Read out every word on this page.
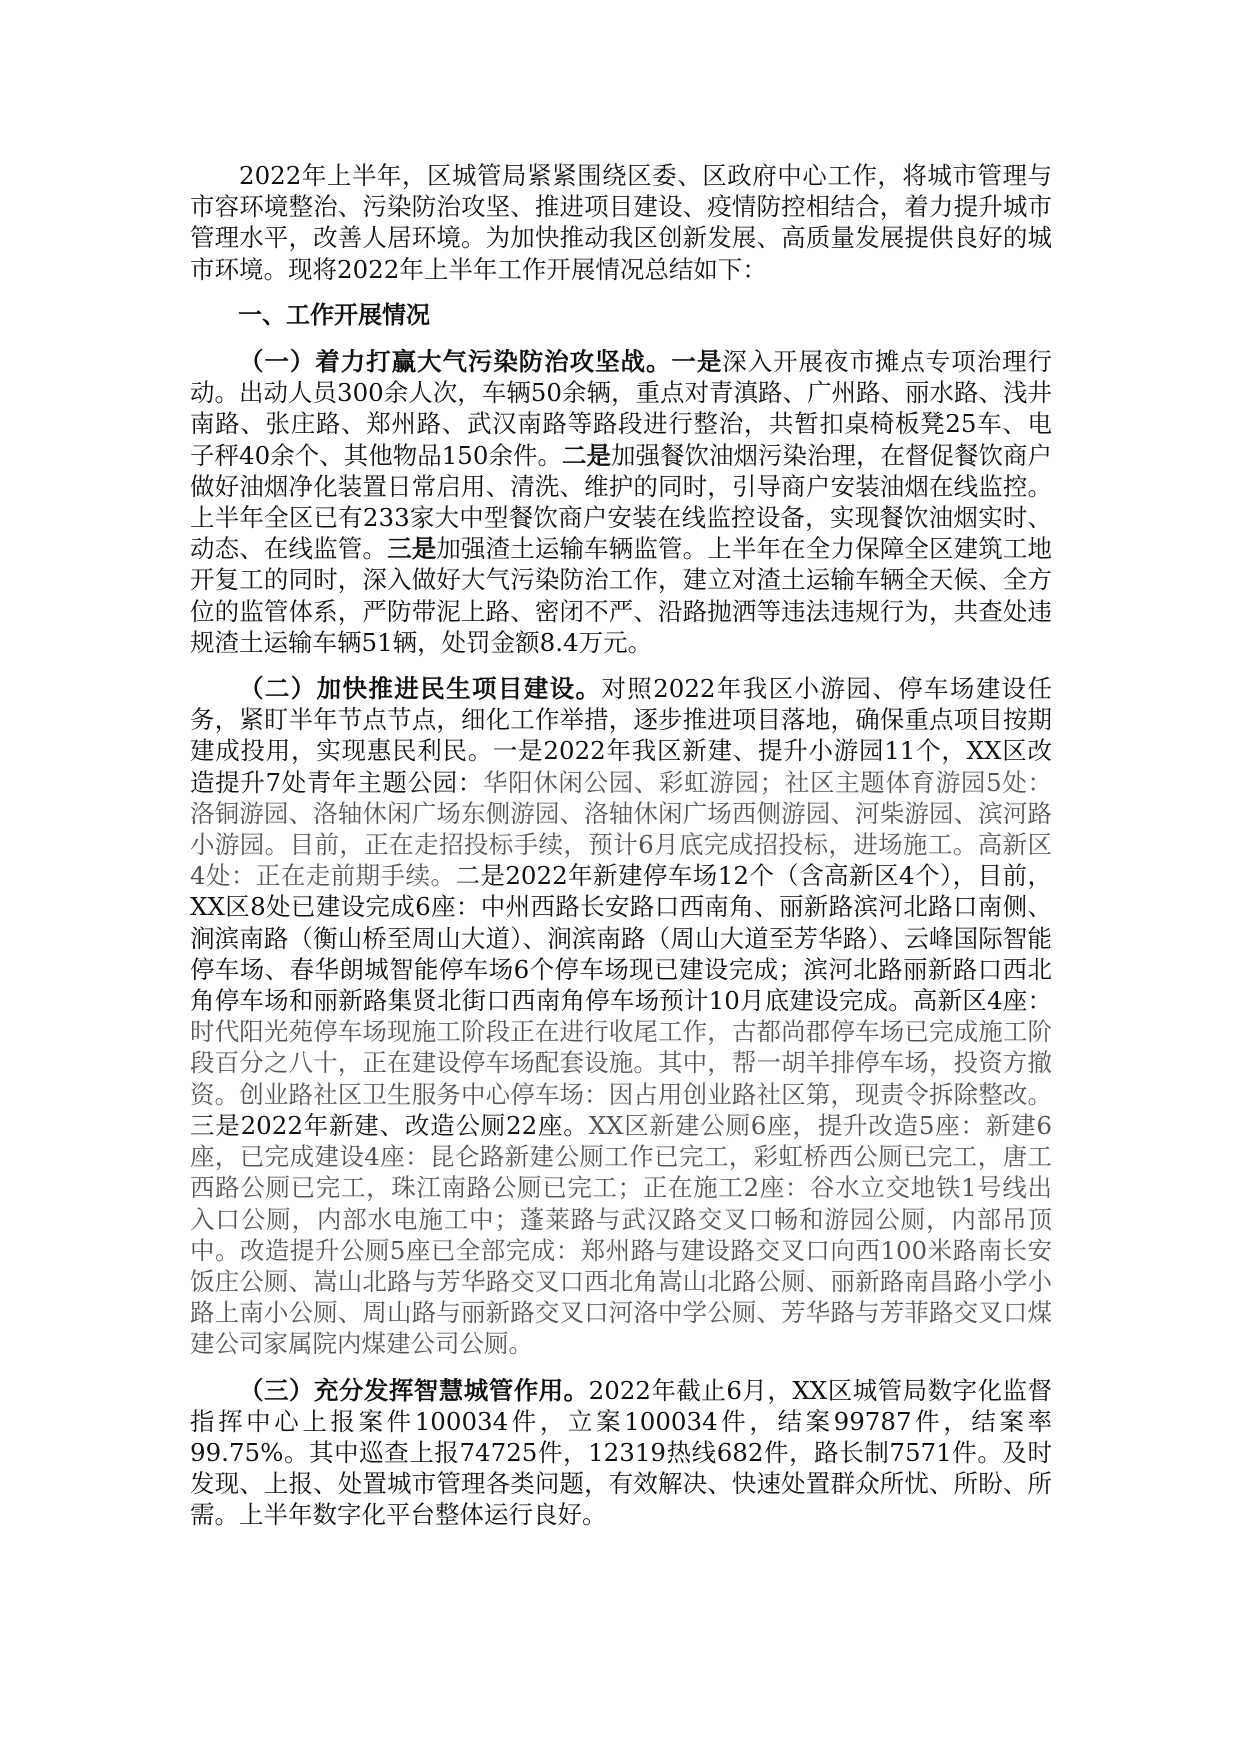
2022年上半年，区城管局紧紧围绕区委、区政府中心工作，将城市管理与市容环境整治、污染防治攻坚、推进项目建设、疫情防控相结合，着力提升城市管理水平，改善人居环境。为加快推动我区创新发展、高质量发展提供良好的城市环境。现将2022年上半年工作开展情况总结如下：

一、工作开展情况

（一）着力打赢大气污染防治攻坚战。一是深入开展夜市摊点专项治理行动。出动人员300余人次，车辆50余辆，重点对青滇路、广州路、丽水路、浅井南路、张庄路、郑州路、武汉南路等路段进行整治，共暂扣桌椅板凳25车、电子秤40余个、其他物品150余件。二是加强餐饮油烟污染治理，在督促餐饮商户做好油烟净化装置日常启用、清洗、维护的同时，引导商户安装油烟在线监控。上半年全区已有233家大中型餐饮商户安装在线监控设备，实现餐饮油烟实时、动态、在线监管。三是加强渣土运输车辆监管。上半年在全力保障全区建筑工地开复工的同时，深入做好大气污染防治工作，建立对渣土运输车辆全天候、全方位的监管体系，严防带泥上路、密闭不严、沿路抛洒等违法违规行为，共查处违规渣土运输车辆51辆，处罚金额8.4万元。

（二）加快推进民生项目建设。对照2022年我区小游园、停车场建设任务，紧盯半年节点节点，细化工作举措，逐步推进项目落地，确保重点项目按期建成投用，实现惠民利民。一是2022年我区新建、提升小游园11个，XX区改造提升7处青年主题公园：华阳休闲公园、彩虹游园；社区主题体育游园5处：洛铜游园、洛轴休闲广场东侧游园、洛轴休闲广场西侧游园、河柴游园、滨河路小游园。目前，正在走招投标手续，预计6月底完成招投标，进场施工。高新区4处：正在走前期手续。二是2022年新建停车场12个（含高新区4个），目前，XX区8处已建设完成6座：中州西路长安路口西南角、丽新路滨河北路口南侧、涧滨南路（衡山桥至周山大道）、涧滨南路（周山大道至芳华路）、云峰国际智能停车场、春华朗城智能停车场6个停车场现已建设完成；滨河北路丽新路口西北角停车场和丽新路集贤北街口西南角停车场预计10月底建设完成。高新区4座：时代阳光苑停车场现施工阶段正在进行收尾工作，古都尚郡停车场已完成施工阶段百分之八十，正在建设停车场配套设施。其中，帮一胡羊排停车场，投资方撤资。创业路社区卫生服务中心停车场：因占用创业路社区第，现责令拆除整改。三是2022年新建、改造公厕22座。XX区新建公厕6座，提升改造5座：新建6座，已完成建设4座：昆仑路新建公厕工作已完工，彩虹桥西公厕已完工，唐工西路公厕已完工，珠江南路公厕已完工；正在施工2座：谷水立交地铁1号线出入口公厕，内部水电施工中；蓬莱路与武汉路交叉口畅和游园公厕，内部吊顶中。改造提升公厕5座已全部完成：郑州路与建设路交叉口向西100米路南长安饭庄公厕、嵩山北路与芳华路交叉口西北角嵩山北路公厕、丽新路南昌路小学小路上南小公厕、周山路与丽新路交叉口河洛中学公厕、芳华路与芳菲路交叉口煤建公司家属院内煤建公司公厕。

（三）充分发挥智慧城管作用。2022年截止6月，XX区城管局数字化监督指挥中心上报案件100034件，立案100034件，结案99787件，结案率99.75%。其中巡查上报74725件，12319热线682件，路长制7571件。及时发现、上报、处置城市管理各类问题，有效解决、快速处置群众所忧、所盼、所需。上半年数字化平台整体运行良好。
